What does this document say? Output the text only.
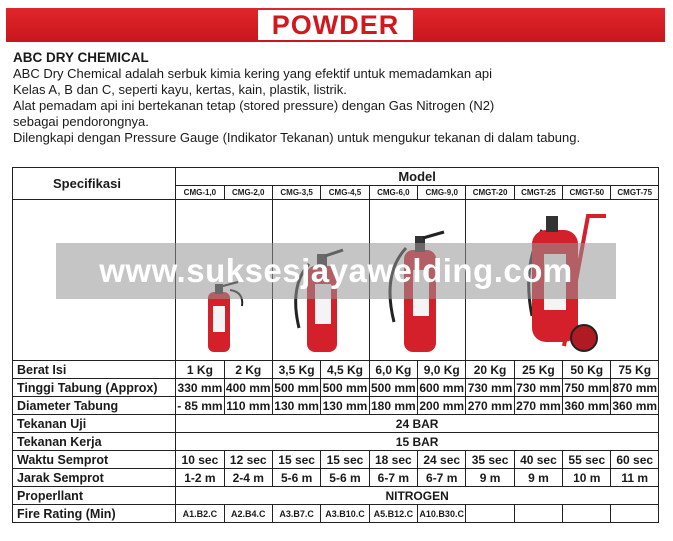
POWDER

ABC DRY CHEMICAL

ABC Dry Chemical adalah serbuk kimia kering yang efektif untuk memadamkan api

Kelas A, B dan C, seperti kayu, kertas, kain, plastik, listrik.

Alat pemadam api ini bertekanan tetap (stored pressure) dengan Gas Nitrogen (N2)

sebagai pendorongnya.

Dilengkapi dengan Pressure Gauge (Indikator Tekanan) untuk mengukur tekanan di dalam tabung.

Specifikasi	Model									
	CMG-1,0	CMG-2,0	CMG-3,5	CMG-4,5	CMG-6,0	CMG-9,0	CMGT-20	CMGT-25	CMGT-50	CMGT-75

Berat Isi	1 Kg	2 Kg	3,5 Kg	4,5 Kg	6,0 Kg	9,0 Kg	20 Kg	25 Kg	50 Kg	75 Kg
Tinggi Tabung (Approx)	330 mm	400 mm	500 mm	500 mm	500 mm	600 mm	730 mm	730 mm	750 mm	870 mm
Diameter Tabung	- 85 mm	110 mm	130 mm	130 mm	180 mm	200 mm	270 mm	270 mm	360 mm	360 mm
Tekanan Uji	24 BAR									
Tekanan Kerja	15 BAR									
Waktu Semprot	10 sec	12 sec	15 sec	15 sec	18 sec	24 sec	35 sec	40 sec	55 sec	60 sec
Jarak Semprot	1-2 m	2-4 m	5-6 m	5-6 m	6-7 m	6-7 m	9 m	9 m	10 m	11 m
Properllant	NITROGEN									
Fire Rating (Min)	A1.B2.C	A2.B4.C	A3.B7.C	A3.B10.C	A5.B12.C	A10.B30.C				
www.suksesjayawelding.com
